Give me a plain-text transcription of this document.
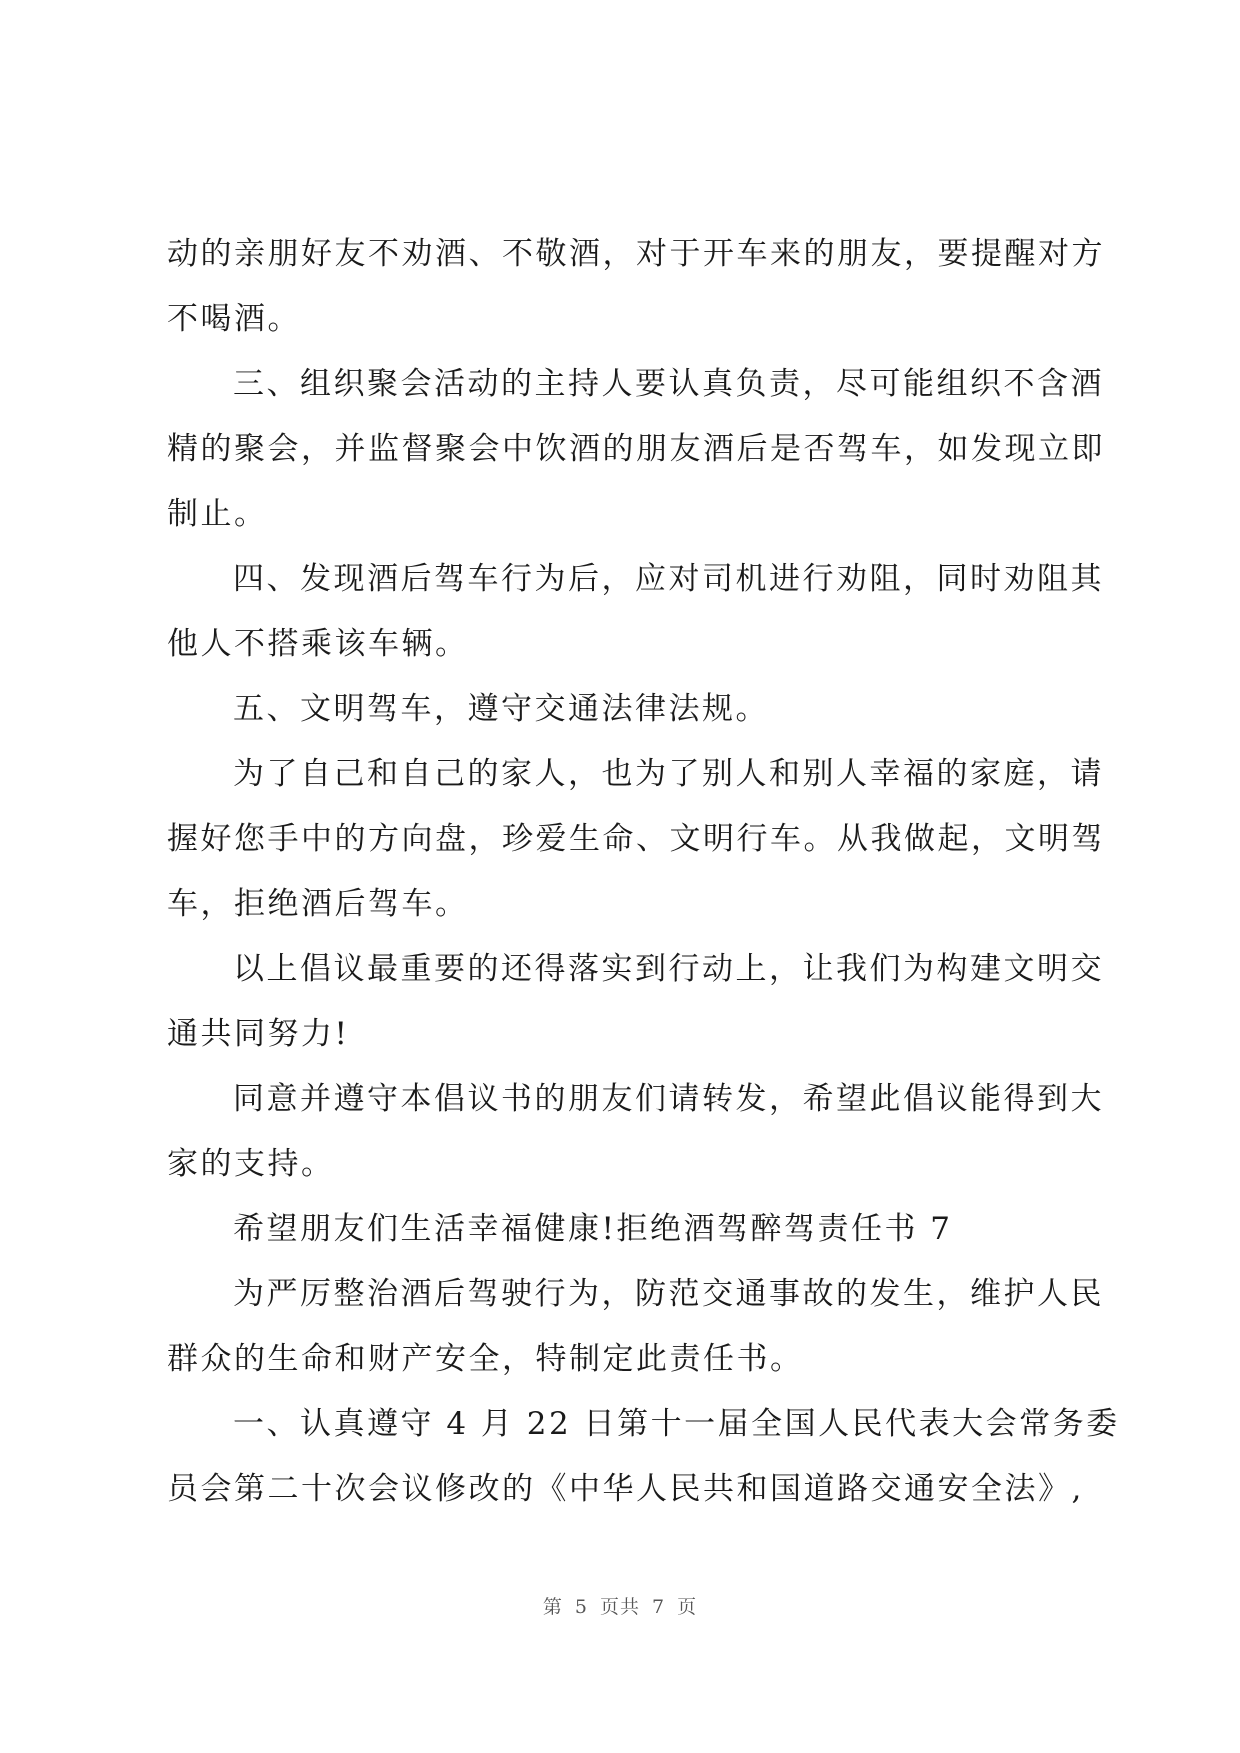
动的亲朋好友不劝酒、不敬酒，对于开车来的朋友，要提醒对方
不喝酒。
三、组织聚会活动的主持人要认真负责，尽可能组织不含酒
精的聚会，并监督聚会中饮酒的朋友酒后是否驾车，如发现立即
制止。
四、发现酒后驾车行为后，应对司机进行劝阻，同时劝阻其
他人不搭乘该车辆。
五、文明驾车，遵守交通法律法规。
为了自己和自己的家人，也为了别人和别人幸福的家庭，请
握好您手中的方向盘，珍爱生命、文明行车。从我做起，文明驾
车，拒绝酒后驾车。
以上倡议最重要的还得落实到行动上，让我们为构建文明交
通共同努力!
同意并遵守本倡议书的朋友们请转发，希望此倡议能得到大
家的支持。
希望朋友们生活幸福健康!拒绝酒驾醉驾责任书 7
为严厉整治酒后驾驶行为，防范交通事故的发生，维护人民
群众的生命和财产安全，特制定此责任书。
一、认真遵守 4 月 22 日第十一届全国人民代表大会常务委
员会第二十次会议修改的《中华人民共和国道路交通安全法》,
第 5 页共 7 页
